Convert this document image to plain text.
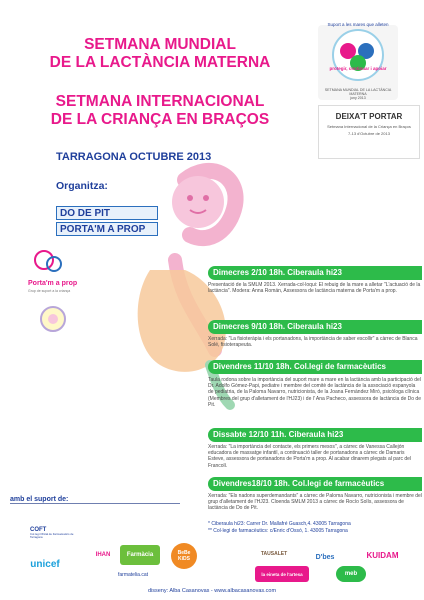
SETMANA MUNDIAL
DE LA LACTÀNCIA MATERNA
SETMANA INTERNACIONAL
DE LA CRIANÇA EN BRAÇOS
TARRAGONA OCTUBRE 2013
SETMANA MUNDIAL DE LA LACTÀNCIA MATERNA
juny 2013
Suport a les mares que alleten
protegir, continuar i apoiar
DEIXA'T PORTAR
Setmana Internacional de la Criança en Braços
7-13 d'Octubre de 2013
Organitza:
DO DE PIT
PORTA'M A PROP
Porta'm a prop
Grup de suport a la criança
Dimecres 2/10 18h. Ciberaula hi23
Presentació de la SMLM 2013. Xerrada-col·loqui: El rebuig de la mare a alletar "L'actuació de la lactància". Modera: Anna Román, Assessora de lactància materna de Porta'm a prop.
Dimecres 9/10 18h. Ciberaula hi23
Xerrada: "La fisioteràpia i els portanadons, la importància de saber escollir" a càrrec de Blanca Solé, fisioterapeuta.
Divendres 11/10 18h. Col.legi de farmacèutics
Taula rodona sobre la importància del suport mare a mare en la lactància amb la participació del Dr. Adolfo Gómez-Papi, pediatre i membre del comitè de lactància de la associació espanyola de pediatria, de la Paloma Navarro, nutricionista, de la Joana Fernàndez Miró, psicòloga clínica (Membres del grup d'alletament de l'HJ23) i de l' Ana Pacheco, assessora de lactància de Do de Pit.
Dissabte 12/10 11h. Ciberaula hi23
Xerrada: "La importància del contacte, els primers mesos", a càrrec de Vanessa Callejón educadora de massatge infantil, a continuació taller de portanadons a càrrec de Damaris Esteve, assessora de portanadons de Porta'm a prop. Al acabar dinarem plegats al parc del Francolí.
Divendres18/10 18h. Col.legi de farmacèutics
Xerrada: "Els nadons superdemandants" a càrrec de Paloma Navarro, nutricionista i membre del grup d'alletament de l'HJ23. Cloenda SMLM 2013 a càrrec de Rocío Solís, assessora de lactància de Do de Pit.
* Ciberaula hi23: Carrer Dr. Mallafré Guasch,4. 43005 Tarragona
** Col·legi de farmacèutics: c/Enric d'Ossó, 1. 43005 Tarragona
amb el suport de:
COFT
Col·legi Oficial de Farmacèutics de Tarragona
unicef
IHAN	Farmàcia	BeBe KiDS
TAUSALET	D'bes	KUIDAM
la eineta de l'artesa	meb
farmatelia.cat
disseny: Alba Casanovas - www.albacasanovas.com
